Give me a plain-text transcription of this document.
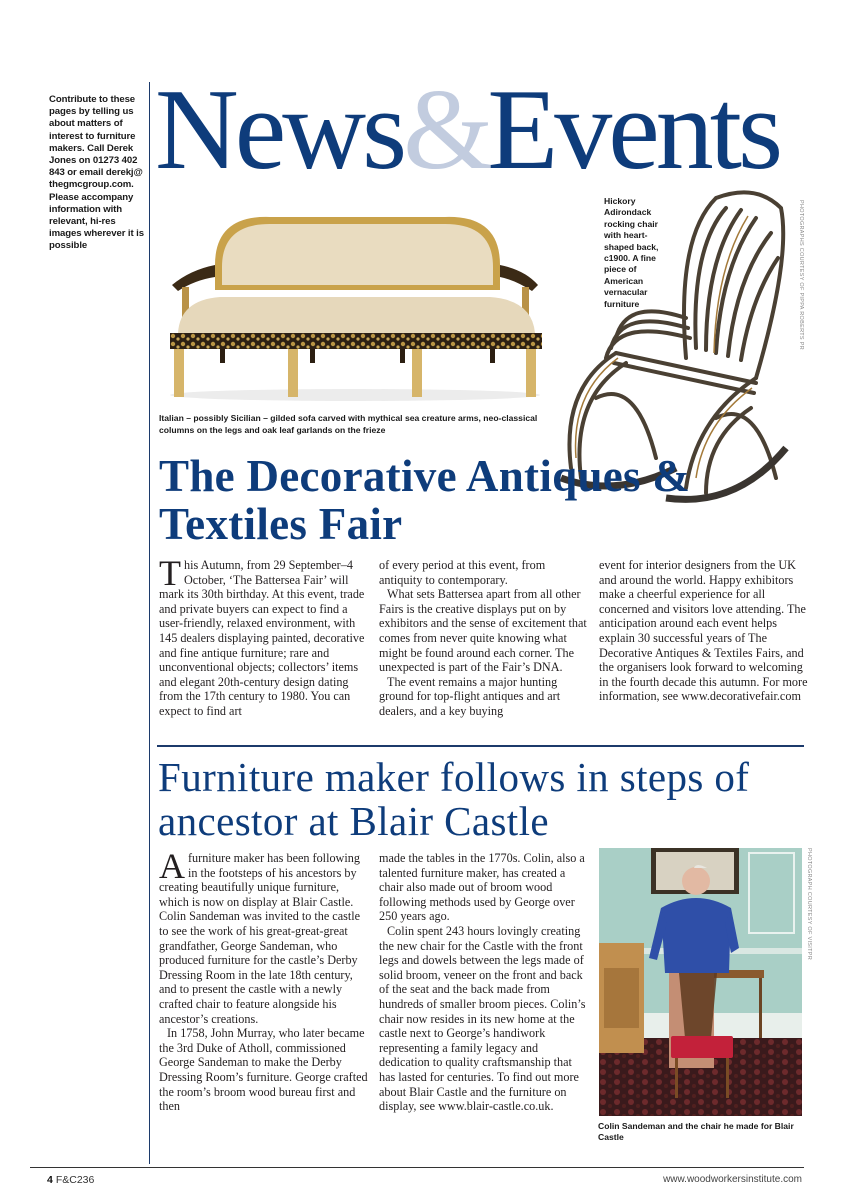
Contribute to these pages by telling us about matters of interest to furniture makers. Call Derek Jones on 01273 402 843 or email derekj@ thegmcgroup.com. Please accompany information with relevant, hi-res images wherever it is possible
News&Events
Italian – possibly Sicilian – gilded sofa carved with mythical sea creature arms, neo-classical columns on the legs and oak leaf garlands on the frieze
Hickory Adirondack rocking chair with heart-shaped back, c1900. A fine piece of American vernacular furniture	PHOTOGRAPHS COURTESY OF PIPPA ROBERTS PR
The Decorative Antiques & Textiles Fair
T his Autumn, from 29 September–4 October, ‘The Battersea Fair’ will mark its 30th birthday. At this event, trade and private buyers can expect to find a user-friendly, relaxed environment, with 145 dealers displaying painted, decorative and fine antique furniture; rare and unconventional objects; collectors’ items and elegant 20th-century design dating from the 17th century to 1980. You can expect to find art

of every period at this event, from antiquity to contemporary.

What sets Battersea apart from all other Fairs is the creative displays put on by exhibitors and the sense of excitement that comes from never quite knowing what might be found around each corner. The unexpected is part of the Fair’s DNA.

The event remains a major hunting ground for top-flight antiques and art dealers, and a key buying

event for interior designers from the UK and around the world. Happy exhibitors make a cheerful experience for all concerned and visitors love attending. The anticipation around each event helps explain 30 successful years of The Decorative Antiques & Textiles Fairs, and the organisers look forward to welcoming in the fourth decade this autumn. For more information, see www.decorativefair.com

Furniture maker follows in steps of ancestor at Blair Castle
A furniture maker has been following in the footsteps of his ancestors by creating beautifully unique furniture, which is now on display at Blair Castle. Colin Sandeman was invited to the castle to see the work of his great-great-great grandfather, George Sandeman, who produced furniture for the castle’s Derby Dressing Room in the late 18th century, and to present the castle with a newly crafted chair to feature alongside his ancestor’s creations.

In 1758, John Murray, who later became the 3rd Duke of Atholl, commissioned George Sandeman to make the Derby Dressing Room’s furniture. George crafted the room’s broom wood bureau first and then

made the tables in the 1770s. Colin, also a talented furniture maker, has created a chair also made out of broom wood following methods used by George over 250 years ago.

Colin spent 243 hours lovingly creating the new chair for the Castle with the front legs and dowels between the legs made of solid broom, veneer on the front and back of the seat and the back made from hundreds of smaller broom pieces. Colin’s chair now resides in its new home at the castle next to George’s handiwork representing a family legacy and dedication to quality craftsmanship that has lasted for centuries. To find out more about Blair Castle and the furniture on display, see www.blair-castle.co.uk.

PHOTOGRAPH COURTESY OF VISITPR
Colin Sandeman and the chair he made for Blair Castle
4 F&C236	www.woodworkersinstitute.com
